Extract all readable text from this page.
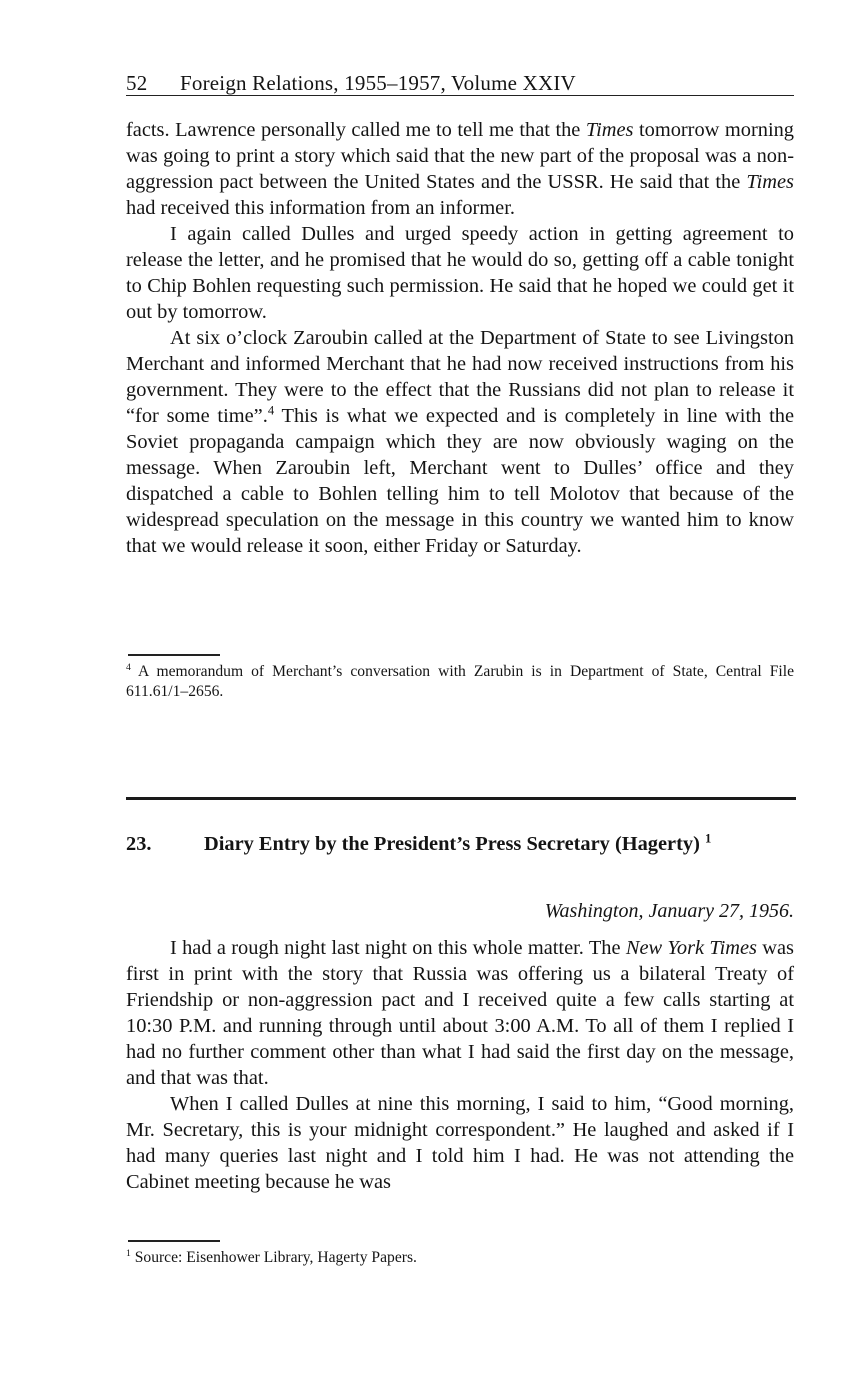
52 Foreign Relations, 1955–1957, Volume XXIV

facts. Lawrence personally called me to tell me that the Times tomorrow morning was going to print a story which said that the new part of the proposal was a non-aggression pact between the United States and the USSR. He said that the Times had received this information from an informer.

I again called Dulles and urged speedy action in getting agreement to release the letter, and he promised that he would do so, getting off a cable tonight to Chip Bohlen requesting such permission. He said that he hoped we could get it out by tomorrow.

At six o’clock Zaroubin called at the Department of State to see Livingston Merchant and informed Merchant that he had now received instructions from his government. They were to the effect that the Russians did not plan to release it “for some time”.$^4$ This is what we expected and is completely in line with the Soviet propaganda campaign which they are now obviously waging on the message. When Zaroubin left, Merchant went to Dulles’ office and they dispatched a cable to Bohlen telling him to tell Molotov that because of the widespread speculation on the message in this country we wanted him to know that we would release it soon, either Friday or Saturday.

$^4$ A memorandum of Merchant’s conversation with Zarubin is in Department of State, Central File 611.61/1–2656.
23.	Diary Entry by the President’s Press Secretary (Hagerty) $^1$
Washington, January 27, 1956.

I had a rough night last night on this whole matter. The New York Times was first in print with the story that Russia was offering us a bilateral Treaty of Friendship or non-aggression pact and I received quite a few calls starting at 10:30 P.M. and running through until about 3:00 A.M. To all of them I replied I had no further comment other than what I had said the first day on the message, and that was that.

When I called Dulles at nine this morning, I said to him, “Good morning, Mr. Secretary, this is your midnight correspondent.” He laughed and asked if I had many queries last night and I told him I had. He was not attending the Cabinet meeting because he was

$^1$ Source: Eisenhower Library, Hagerty Papers.
